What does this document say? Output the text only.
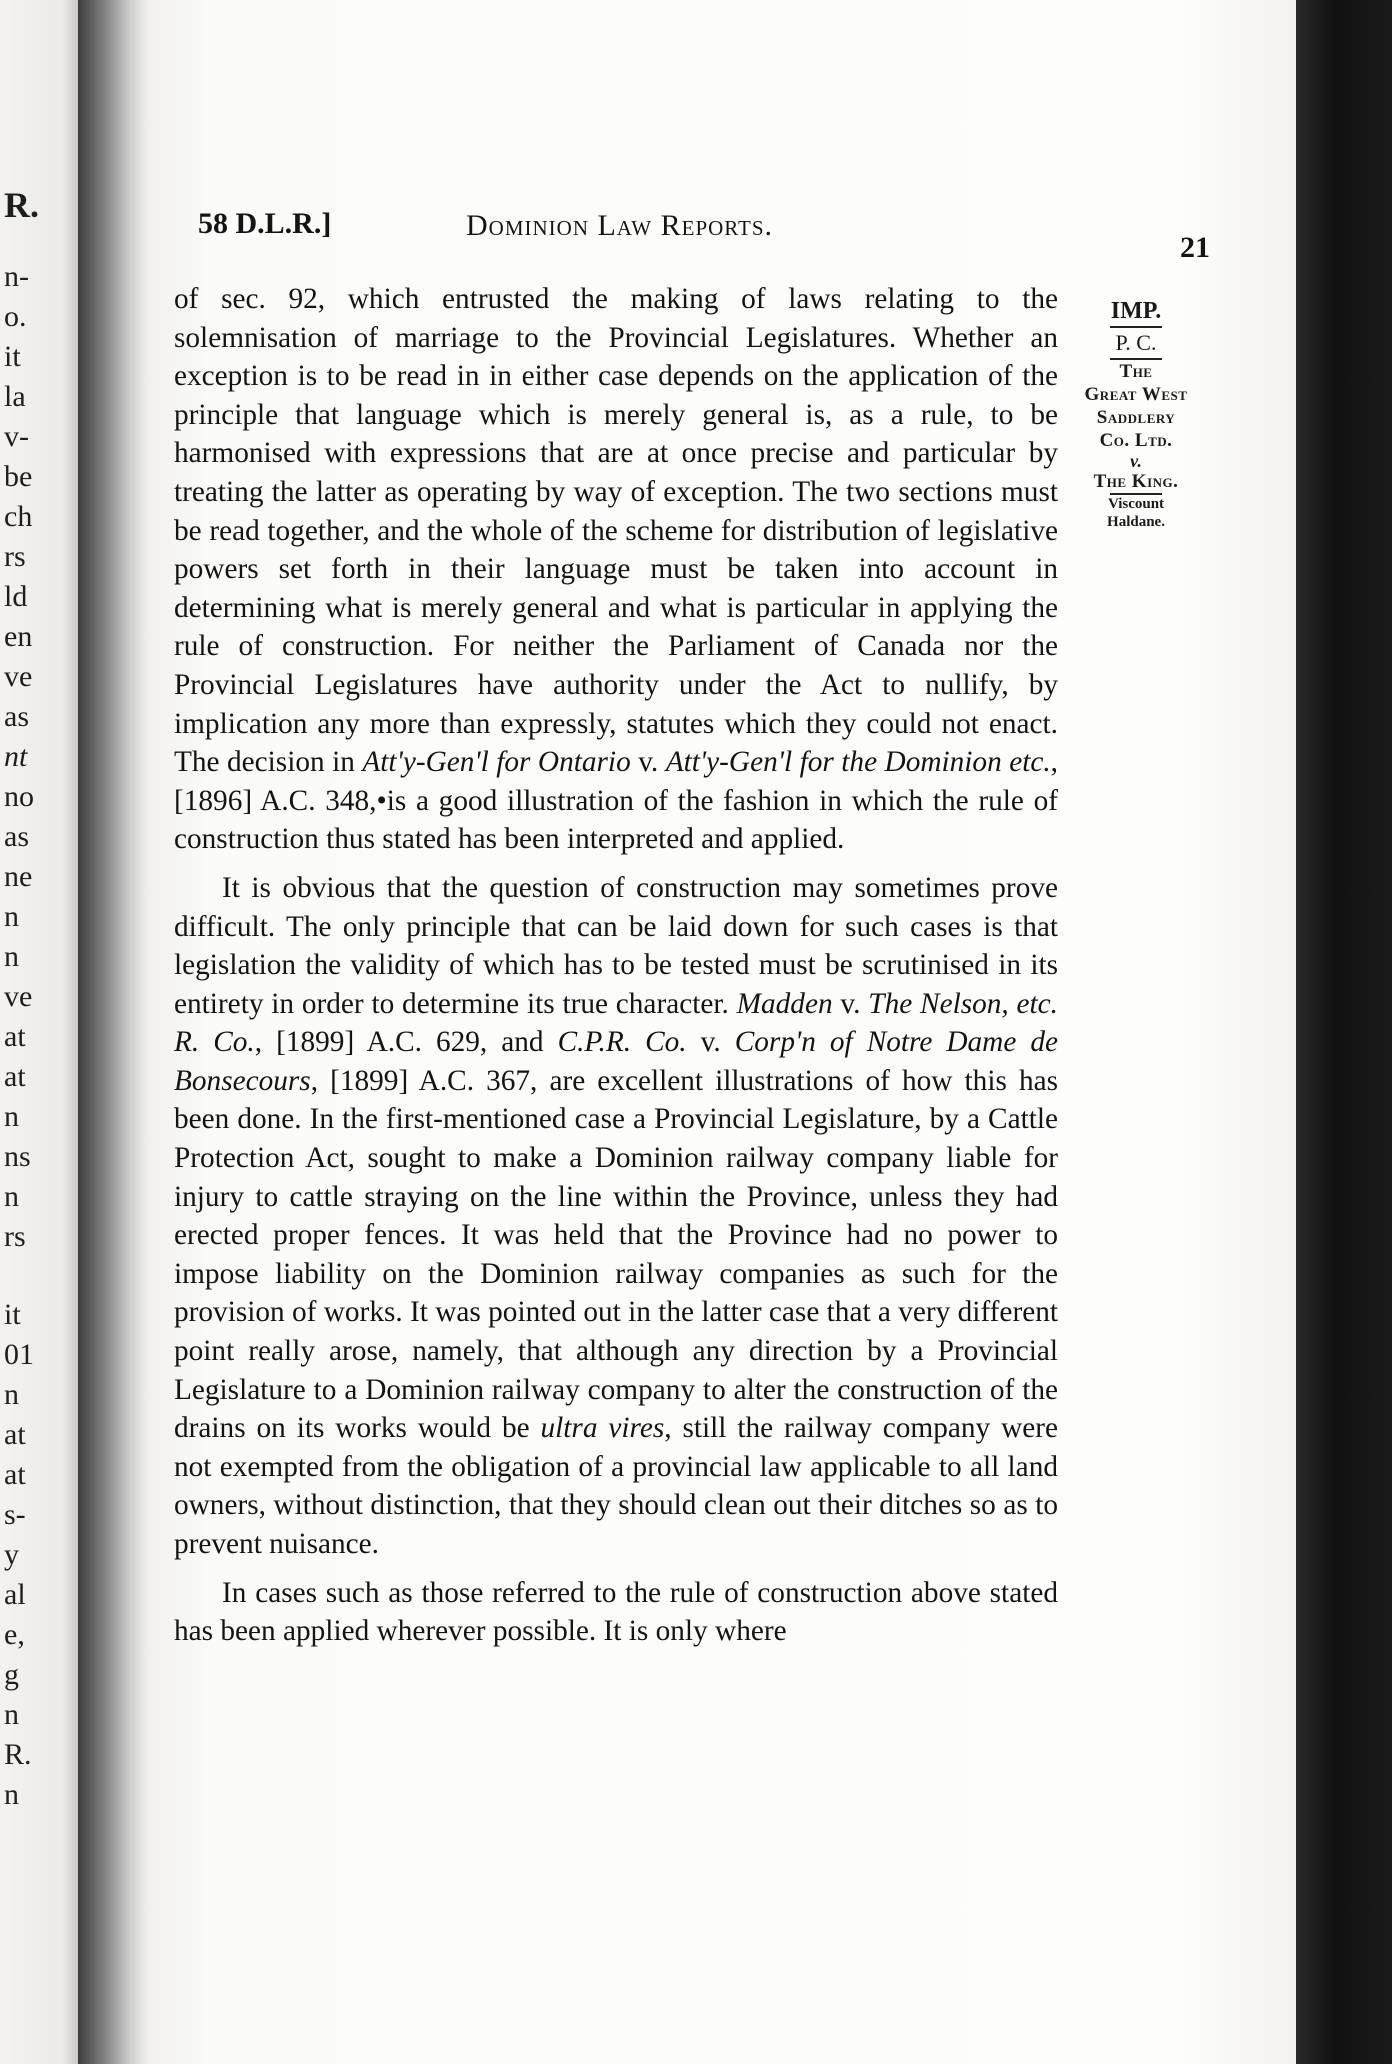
R.
n-
o.
it
la
v-
be
ch
rs
ld
en
ve
as
nt
no
as
ne
n
n
ve
at
at
n
ns
n
rs
it
01
n
at
at
s-
y
al
e,
g
n
R.
n
58 D.L.R.]	Dominion Law Reports.
21

of sec. 92, which entrusted the making of laws relating to the solemnisation of marriage to the Provincial Legislatures. Whether an exception is to be read in in either case depends on the application of the principle that language which is merely general is, as a rule, to be harmonised with expressions that are at once precise and particular by treating the latter as operating by way of exception. The two sections must be read together, and the whole of the scheme for distribution of legislative powers set forth in their language must be taken into account in determining what is merely general and what is particular in applying the rule of construction. For neither the Parliament of Canada nor the Provincial Legislatures have authority under the Act to nullify, by implication any more than expressly, statutes which they could not enact. The decision in Att'y-Gen'l for Ontario v. Att'y-Gen'l for the Dominion etc., [1896] A.C. 348,•is a good illustration of the fashion in which the rule of construction thus stated has been interpreted and applied.

It is obvious that the question of construction may sometimes prove difficult. The only principle that can be laid down for such cases is that legislation the validity of which has to be tested must be scrutinised in its entirety in order to determine its true character. Madden v. The Nelson, etc. R. Co., [1899] A.C. 629, and C.P.R. Co. v. Corp'n of Notre Dame de Bonsecours, [1899] A.C. 367, are excellent illustrations of how this has been done. In the first-mentioned case a Provincial Legislature, by a Cattle Protection Act, sought to make a Dominion railway company liable for injury to cattle straying on the line within the Province, unless they had erected proper fences. It was held that the Province had no power to impose liability on the Dominion railway companies as such for the provision of works. It was pointed out in the latter case that a very different point really arose, namely, that although any direction by a Provincial Legislature to a Dominion railway company to alter the construction of the drains on its works would be ultra vires, still the railway company were not exempted from the obligation of a provincial law applicable to all land owners, without distinction, that they should clean out their ditches so as to prevent nuisance.

In cases such as those referred to the rule of construction above stated has been applied wherever possible. It is only where

IMP.
P. C.
The
Great West
Saddlery
Co. Ltd.
v.
The King.
Viscount
Haldane.
